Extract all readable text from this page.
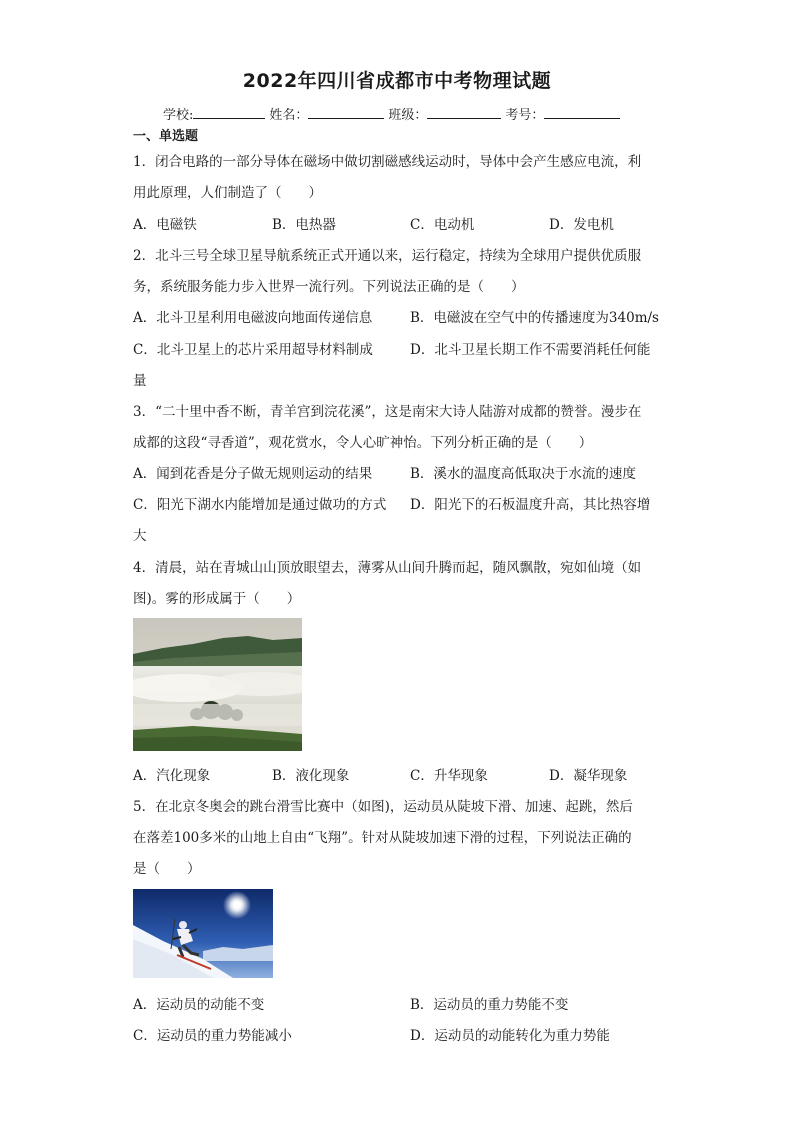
2022年四川省成都市中考物理试题
学校:	姓名：	班级：	考号：
一、单选题
1．闭合电路的一部分导体在磁场中做切割磁感线运动时，导体中会产生感应电流，利
用此原理，人们制造了（　　）
A．电磁铁	B．电热器	C．电动机	D．发电机
2．北斗三号全球卫星导航系统正式开通以来，运行稳定，持续为全球用户提供优质服
务，系统服务能力步入世界一流行列。下列说法正确的是（　　）
A．北斗卫星利用电磁波向地面传递信息	B．电磁波在空气中的传播速度为340m/s
C．北斗卫星上的芯片采用超导材料制成	D．北斗卫星长期工作不需要消耗任何能
量
3．“二十里中香不断，青羊宫到浣花溪”，这是南宋大诗人陆游对成都的赞誉。漫步在
成都的这段“寻香道”，观花赏水，令人心旷神怡。下列分析正确的是（　　）
A．闻到花香是分子做无规则运动的结果	B．溪水的温度高低取决于水流的速度
C．阳光下湖水内能增加是通过做功的方式 D．阳光下的石板温度升高，其比热容增
大
4．清晨，站在青城山山顶放眼望去，薄雾从山间升腾而起，随风飘散，宛如仙境（如
图)。雾的形成属于（　　）
A．汽化现象	B．液化现象	C．升华现象	D．凝华现象
5．在北京冬奥会的跳台滑雪比赛中（如图)，运动员从陡坡下滑、加速、起跳，然后
在落差100多米的山地上自由“飞翔”。针对从陡坡加速下滑的过程，下列说法正确的
是（　　）
A．运动员的动能不变	B．运动员的重力势能不变
C．运动员的重力势能减小	D．运动员的动能转化为重力势能
